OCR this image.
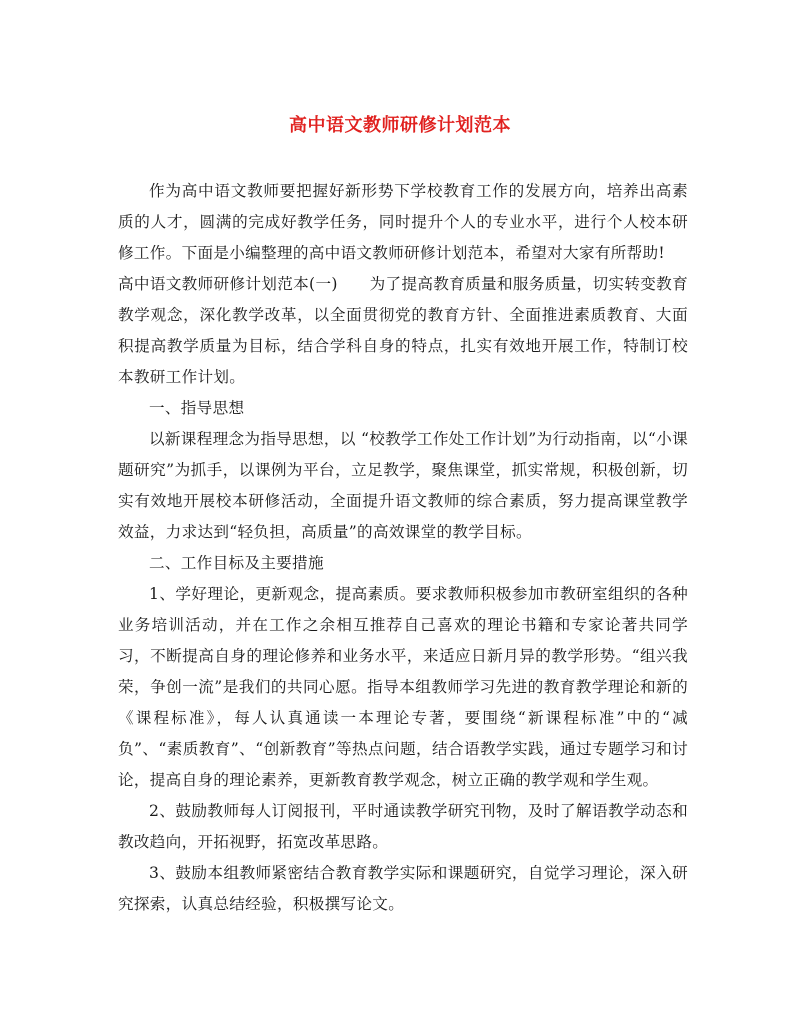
高中语文教师研修计划范本

作为高中语文教师要把握好新形势下学校教育工作的发展方向，培养出高素质的人才，圆满的完成好教学任务，同时提升个人的专业水平，进行个人校本研修工作。下面是小编整理的高中语文教师研修计划范本，希望对大家有所帮助!

高中语文教师研修计划范本(一)　　为了提高教育质量和服务质量，切实转变教育教学观念，深化教学改革，以全面贯彻党的教育方针、全面推进素质教育、大面积提高教学质量为目标，结合学科自身的特点，扎实有效地开展工作，特制订校本教研工作计划。

一、指导思想

以新课程理念为指导思想，以 “校教学工作处工作计划”为行动指南，以“小课题研究”为抓手，以课例为平台，立足教学，聚焦课堂，抓实常规，积极创新，切实有效地开展校本研修活动，全面提升语文教师的综合素质，努力提高课堂教学效益，力求达到“轻负担，高质量”的高效课堂的教学目标。

二、工作目标及主要措施

1、学好理论，更新观念，提高素质。要求教师积极参加市教研室组织的各种业务培训活动，并在工作之余相互推荐自己喜欢的理论书籍和专家论著共同学习，不断提高自身的理论修养和业务水平，来适应日新月异的教学形势。“组兴我荣，争创一流”是我们的共同心愿。指导本组教师学习先进的教育教学理论和新的《课程标准》，每人认真通读一本理论专著，要围绕“新课程标准”中的“减负”、“素质教育”、“创新教育”等热点问题，结合语教学实践，通过专题学习和讨论，提高自身的理论素养，更新教育教学观念，树立正确的教学观和学生观。

2、鼓励教师每人订阅报刊，平时通读教学研究刊物，及时了解语教学动态和教改趋向，开拓视野，拓宽改革思路。

3、鼓励本组教师紧密结合教育教学实际和课题研究，自觉学习理论，深入研究探索，认真总结经验，积极撰写论文。
